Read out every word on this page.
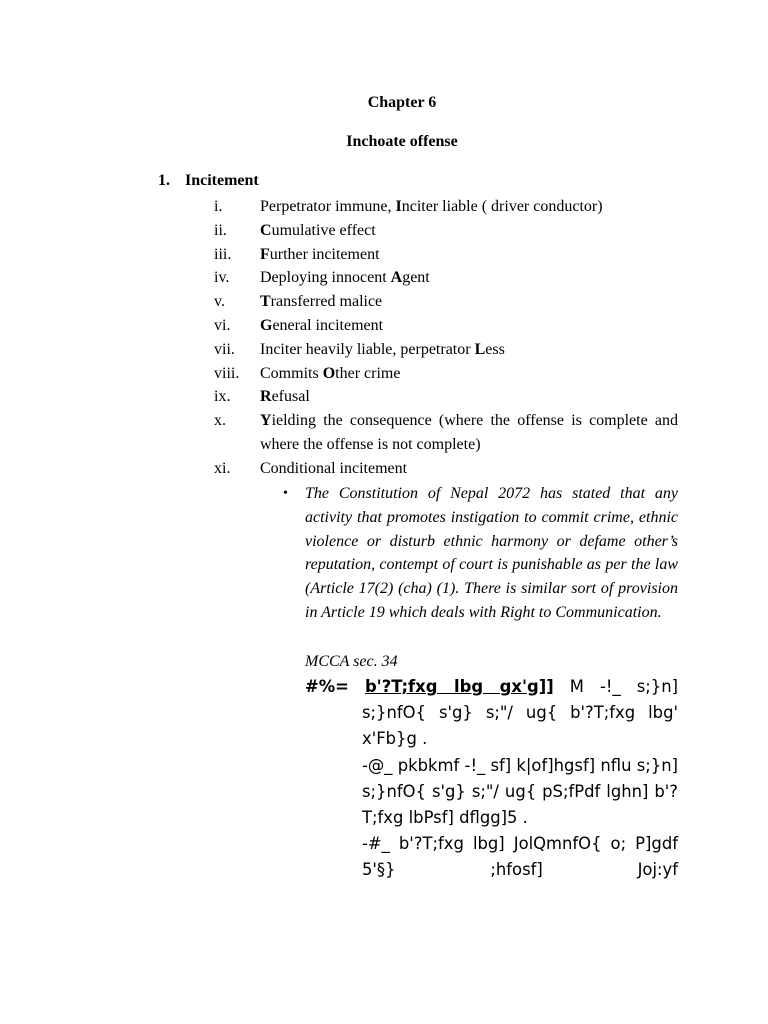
Chapter 6
Inchoate offense
1. Incitement
i. Perpetrator immune, Inciter liable ( driver conductor)
ii. Cumulative effect
iii. Further incitement
iv. Deploying innocent Agent
v. Transferred malice
vi. General incitement
vii. Inciter heavily liable, perpetrator Less
viii. Commits Other crime
ix. Refusal
x. Yielding the consequence (where the offense is complete and where the offense is not complete)
xi. Conditional incitement
• The Constitution of Nepal 2072 has stated that any activity that promotes instigation to commit crime, ethnic violence or disturb ethnic harmony or defame other’s reputation, contempt of court is punishable as per the law (Article 17(2) (cha) (1). There is similar sort of provision in Article 19 which deals with Right to Communication.
MCCA sec. 34

#%= b'?T;fxg lbg gx'g]] M -!_ s;}n] s;}nfO{ s'g} s;"/ ug{ b'?T;fxg lbg' x'Fb}g .

-@_ pkbkmf -!_ sf] k|of]hgsf] nflu s;}n] s;}nfO{ s'g} s;"/ ug{ pS;fPdf lghn] b'?T;fxg lbPsf] dflgg]5 .

-#_ b'?T;fxg lbg] JolQmnfO{ o; P]gdf 5'§} ;hfosf] Joj:yf
